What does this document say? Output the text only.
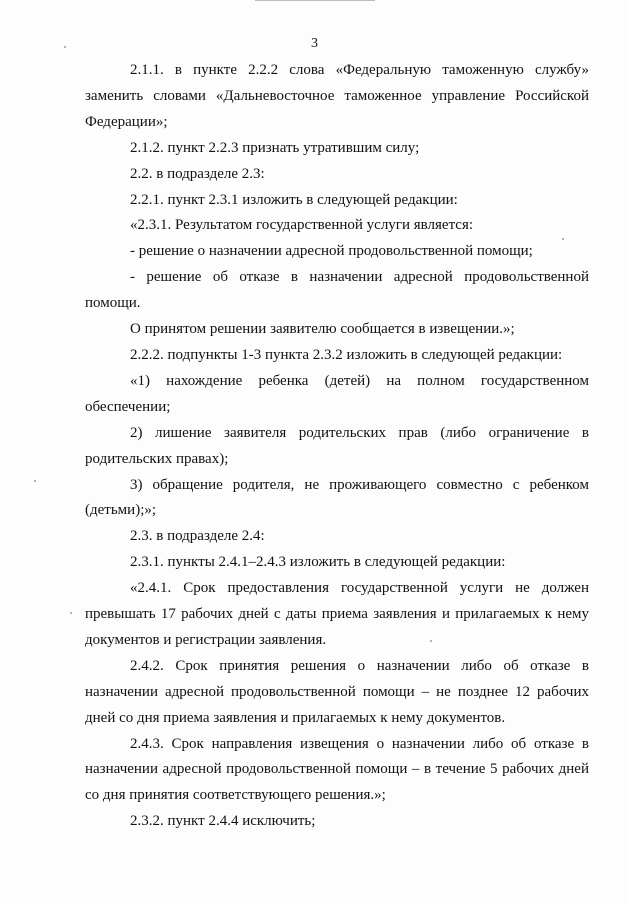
3

2.1.1. в пункте 2.2.2 слова «Федеральную таможенную службу» заменить словами «Дальневосточное таможенное управление Российской Федерации»;

2.1.2. пункт 2.2.3 признать утратившим силу;

2.2. в подразделе 2.3:

2.2.1. пункт 2.3.1 изложить в следующей редакции:

«2.3.1. Результатом государственной услуги является:

- решение о назначении адресной продовольственной помощи;

- решение об отказе в назначении адресной продовольственной помощи.

О принятом решении заявителю сообщается в извещении.»;

2.2.2. подпункты 1-3 пункта 2.3.2 изложить в следующей редакции:

«1) нахождение ребенка (детей) на полном государственном обеспечении;

2) лишение заявителя родительских прав (либо ограничение в родительских правах);

3) обращение родителя, не проживающего совместно с ребенком (детьми);»;

2.3. в подразделе 2.4:

2.3.1. пункты 2.4.1–2.4.3 изложить в следующей редакции:

«2.4.1. Срок предоставления государственной услуги не должен превышать 17 рабочих дней с даты приема заявления и прилагаемых к нему документов и регистрации заявления.

2.4.2. Срок принятия решения о назначении либо об отказе в назначении адресной продовольственной помощи – не позднее 12 рабочих дней со дня приема заявления и прилагаемых к нему документов.

2.4.3. Срок направления извещения о назначении либо об отказе в назначении адресной продовольственной помощи – в течение 5 рабочих дней со дня принятия соответствующего решения.»;

2.3.2. пункт 2.4.4 исключить;
